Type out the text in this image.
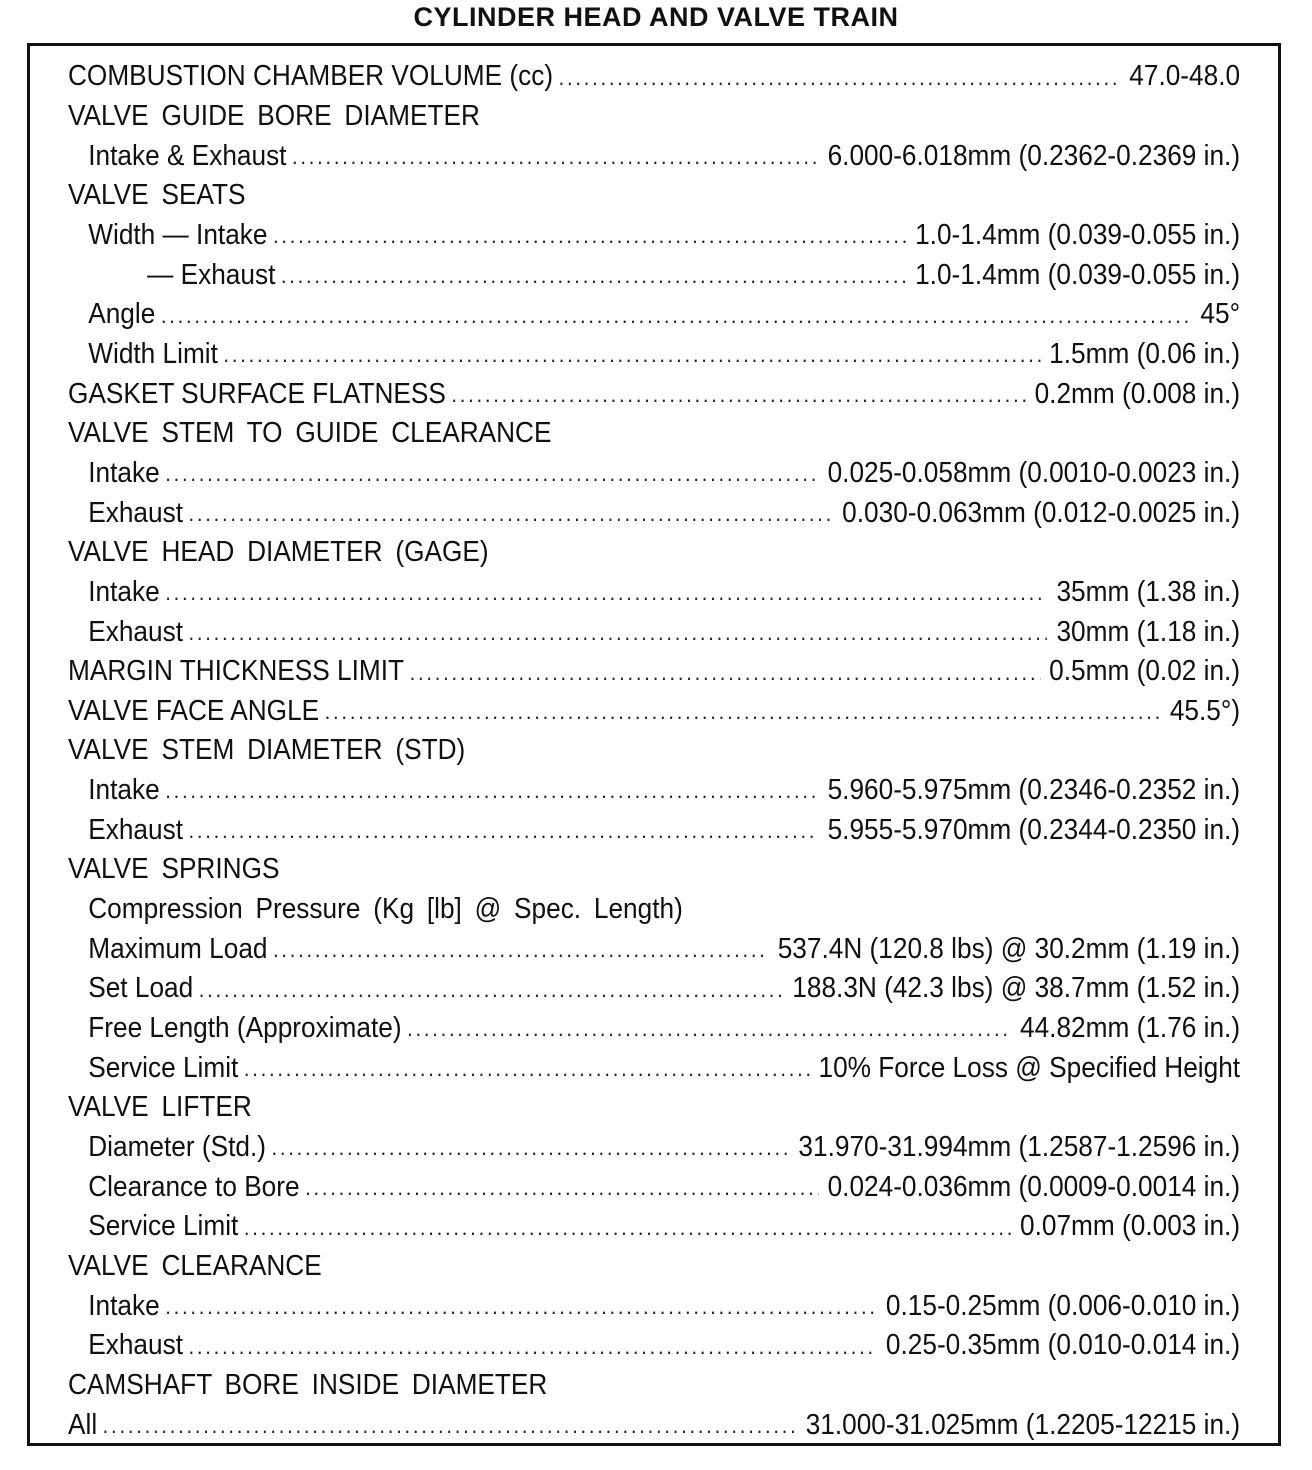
CYLINDER HEAD AND VALVE TRAIN
COMBUSTION CHAMBER VOLUME (cc) .....	47.0-48.0
VALVE GUIDE BORE DIAMETER
Intake & Exhaust .....	6.000-6.018mm (0.2362-0.2369 in.)
VALVE SEATS
Width — Intake .....	1.0-1.4mm (0.039-0.055 in.)
— Exhaust .....	1.0-1.4mm (0.039-0.055 in.)
Angle .....	45°
Width Limit .....	1.5mm (0.06 in.)
GASKET SURFACE FLATNESS .....	0.2mm (0.008 in.)
VALVE STEM TO GUIDE CLEARANCE
Intake .....	0.025-0.058mm (0.0010-0.0023 in.)
Exhaust .....	0.030-0.063mm (0.012-0.0025 in.)
VALVE HEAD DIAMETER (GAGE)
Intake .....	35mm (1.38 in.)
Exhaust .....	30mm (1.18 in.)
MARGIN THICKNESS LIMIT .....	0.5mm (0.02 in.)
VALVE FACE ANGLE .....	45.5°)
VALVE STEM DIAMETER (STD)
Intake .....	5.960-5.975mm (0.2346-0.2352 in.)
Exhaust .....	5.955-5.970mm (0.2344-0.2350 in.)
VALVE SPRINGS
Compression Pressure (Kg [lb] @ Spec. Length)
Maximum Load .....	537.4N (120.8 lbs) @ 30.2mm (1.19 in.)
Set Load .....	188.3N (42.3 lbs) @ 38.7mm (1.52 in.)
Free Length (Approximate) .....	44.82mm (1.76 in.)
Service Limit .....	10% Force Loss @ Specified Height
VALVE LIFTER
Diameter (Std.) .....	31.970-31.994mm (1.2587-1.2596 in.)
Clearance to Bore .....	0.024-0.036mm (0.0009-0.0014 in.)
Service Limit .....	0.07mm (0.003 in.)
VALVE CLEARANCE
Intake .....	0.15-0.25mm (0.006-0.010 in.)
Exhaust .....	0.25-0.35mm (0.010-0.014 in.)
CAMSHAFT BORE INSIDE DIAMETER
All .....	31.000-31.025mm (1.2205-12215 in.)
